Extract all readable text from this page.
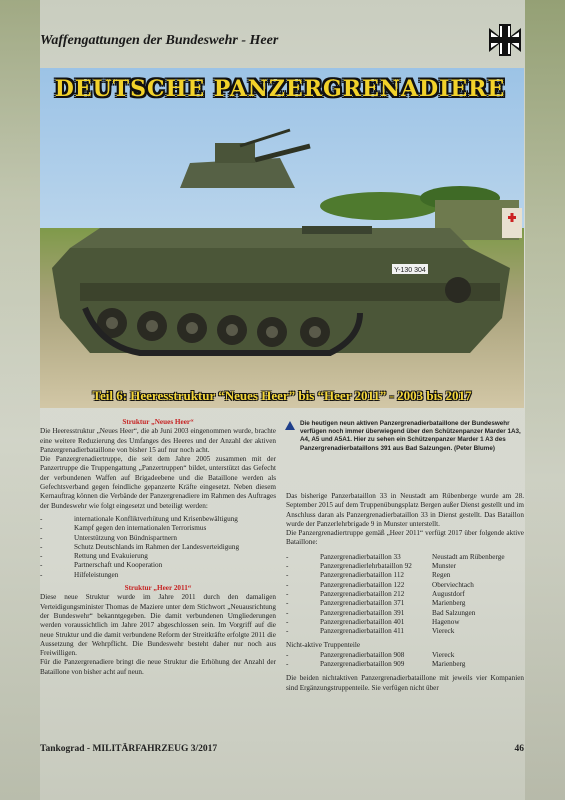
Waffengattungen der Bundeswehr - Heer
Y-130 304
DEUTSCHE PANZERGRENADIERE
Teil 6: Heeresstruktur “Neues Heer” bis “Heer 2011” - 2003 bis 2017
Die heutigen neun aktiven Panzergrenadierbataillone der Bundeswehr verfügen noch immer überwiegend über den Schützenpanzer Marder 1A3, A4, A5 und A5A1. Hier zu sehen ein Schützenpanzer Marder 1 A3 des Panzergrenadierbataillons 391 aus Bad Salzungen. (Peter Blume)

Struktur „Neues Heer“

Die Heeresstruktur „Neues Heer“, die ab Juni 2003 eingenommen wurde, brachte eine weitere Reduzierung des Umfanges des Heeres und der Anzahl der aktiven Panzergrenadierbataillone von bisher 15 auf nur noch acht.

Die Panzergrenadiertruppe, die seit dem Jahre 2005 zusammen mit der Panzertruppe die Truppengattung „Panzertruppen“ bildet, unterstützt das Gefecht der verbundenen Waffen auf Brigadeebene und die Bataillone werden als Gefechtsverband gegen feindliche gepanzerte Kräfte eingesetzt. Neben diesem Kernauftrag können die Verbände der Panzergrenadiere im Rahmen des Auftrages der Bundeswehr wie folgt eingesetzt und beteiligt werden:

-	internationale Konfliktverhütung und Krisenbewältigung
-	Kampf gegen den internationalen Terrorismus
-	Unterstützung von Bündnispartnern
-	Schutz Deutschlands im Rahmen der Landesverteidigung
-	Rettung und Evakuierung
-	Partnerschaft und Kooperation
-	Hilfeleistungen

Struktur „Heer 2011“

Diese neue Struktur wurde im Jahre 2011 durch den damaligen Verteidigungsminister Thomas de Maziere unter dem Stichwort „Neuausrichtung der Bundeswehr“ bekanntgegeben. Die damit verbundenen Umgliederungen werden voraussichtlich im Jahre 2017 abgeschlossen sein. Im Vorgriff auf die neue Struktur und die damit verbundene Reform der Streitkräfte erfolgte 2011 die Aussetzung der Wehrpflicht. Die Bundeswehr besteht daher nur noch aus Freiwilligen.

Für die Panzergrenadiere bringt die neue Struktur die Erhöhung der Anzahl der Bataillone von bisher acht auf neun.

Das bisherige Panzerbataillon 33 in Neustadt am Rübenberge wurde am 28. September 2015 auf dem Truppenübungsplatz Bergen außer Dienst gestellt und im Anschluss daran als Panzergrenadierbataillon 33 in Dienst gestellt. Das Bataillon wurde der Panzerlehrbrigade 9 in Munster unterstellt.

Die Panzergrenadiertruppe gemäß „Heer 2011“ verfügt 2017 über folgende aktive Bataillone:

-	Panzergrenadierbataillon 33	Neustadt am Rübenberge
-	Panzergrenadierlehrbataillon 92	Munster
-	Panzergrenadierbataillon 112	Regen
-	Panzergrenadierbataillon 122	Oberviechtach
-	Panzergrenadierbataillon 212	Augustdorf
-	Panzergrenadierbataillon 371	Marienberg
-	Panzergrenadierbataillon 391	Bad Salzungen
-	Panzergrenadierbataillon 401	Hagenow
-	Panzergrenadierbataillon 411	Viereck

Nicht-aktive Truppenteile

-	Panzergrenadierbataillon 908	Viereck
-	Panzergrenadierbataillon 909	Marienberg

Die beiden nichtaktiven Panzergrenadierbataillone mit jeweils vier Kompanien sind Ergänzungstruppenteile. Sie verfügen nicht über

Tankograd - MILITÄRFAHRZEUG 3/2017	46
